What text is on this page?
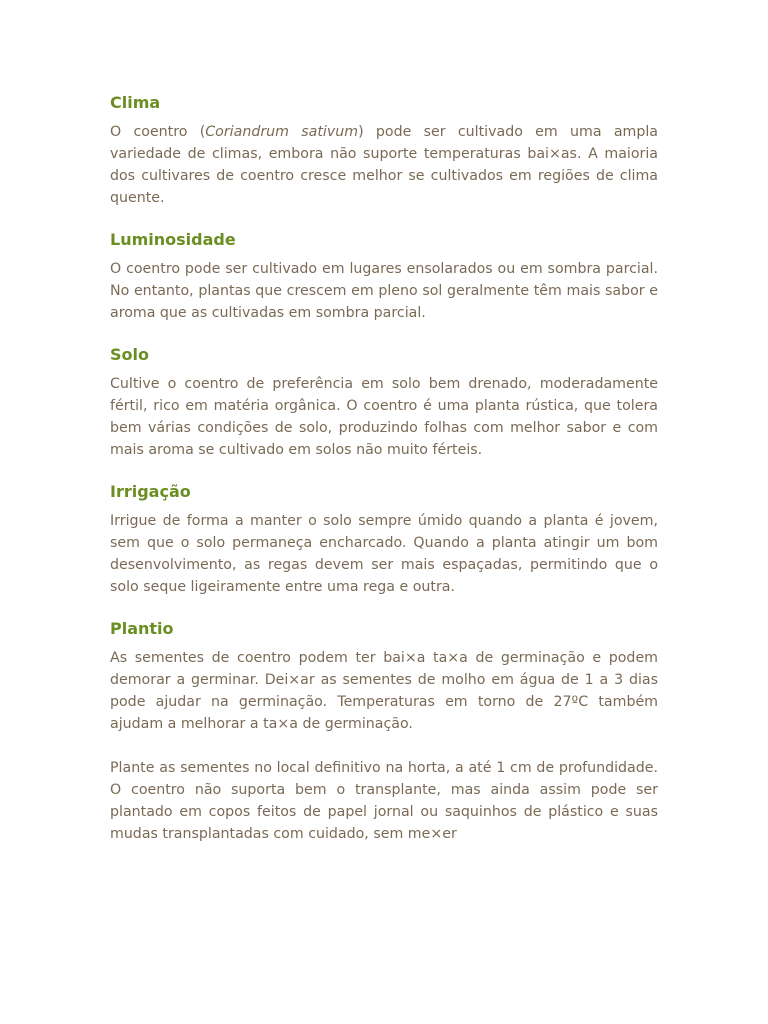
Clima

O coentro (Coriandrum sativum) pode ser cultivado em uma ampla variedade de climas, embora não suporte temperaturas bai×as. A maioria dos cultivares de coentro cresce melhor se cultivados em regiões de clima quente.

Luminosidade

O coentro pode ser cultivado em lugares ensolarados ou em sombra parcial. No entanto, plantas que crescem em pleno sol geralmente têm mais sabor e aroma que as cultivadas em sombra parcial.

Solo

Cultive o coentro de preferência em solo bem drenado, moderadamente fértil, rico em matéria orgânica. O coentro é uma planta rústica, que tolera bem várias condições de solo, produzindo folhas com melhor sabor e com mais aroma se cultivado em solos não muito férteis.

Irrigação

Irrigue de forma a manter o solo sempre úmido quando a planta é jovem, sem que o solo permaneça encharcado. Quando a planta atingir um bom desenvolvimento, as regas devem ser mais espaçadas, permitindo que o solo seque ligeiramente entre uma rega e outra.

Plantio

As sementes de coentro podem ter bai×a ta×a de germinação e podem demorar a germinar. Dei×ar as sementes de molho em água de 1 a 3 dias pode ajudar na germinação. Temperaturas em torno de 27ºC também ajudam a melhorar a ta×a de germinação.

Plante as sementes no local definitivo na horta, a até 1 cm de profundidade. O coentro não suporta bem o transplante, mas ainda assim pode ser plantado em copos feitos de papel jornal ou saquinhos de plástico e suas mudas transplantadas com cuidado, sem me×er
